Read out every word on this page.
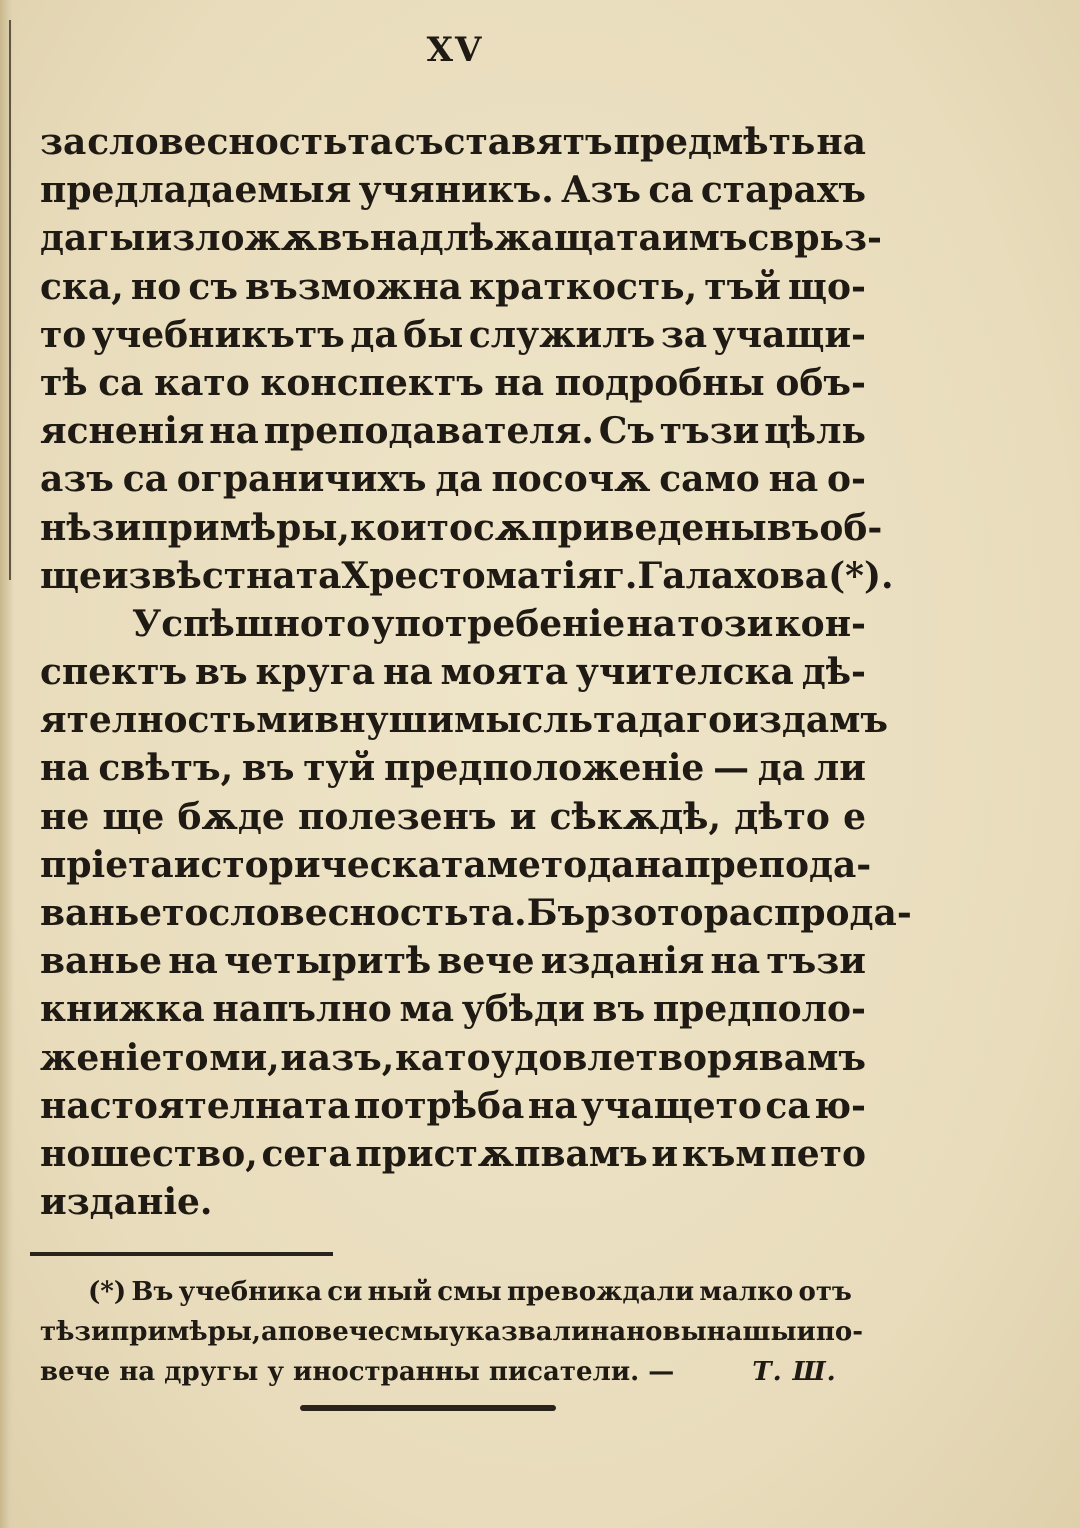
XV
за словесностьта съставятъ предмѣть на
предладаемыя учяникъ. Азъ са старахъ
да гы изложѫ въ надлѣжащата имъ сврьз-
ска, но съ възможна краткость, тъй що-
то учебникътъ да бы служилъ за учащи-
тѣ са като конспектъ на подробны объ-
ясненія на преподавателя. Съ тъзи цѣль
азъ са ограничихъ да посочѫ само на о-
нѣзи примѣры, които сѫ приведены въ об-
щеизвѣстната Хрестоматія г. Галахова (*).
Успѣшното употребеніе на този кон-
спектъ въ круга на моята учителска дѣ-
ятелность ми внуши мысльта да го издамъ
на свѣтъ, въ туй предположеніе — да ли
не ще бѫде полезенъ и сѣкѫдѣ, дѣто е
пріета историческата метода на препода-
ваньето словесностьта. Бързото распрода-
ванье на четыритѣ вече изданія на тъзи
книжка напълно ма убѣди въ предполо-
женіето ми, и азъ, като удовлетворявамъ
настоятелната потрѣба на учащето са ю-
ношество, сега пристѫпвамъ и към пето
изданіе.
(*) Въ учебника си ный смы превождали малко отъ
тѣзи примѣры, а повече смы указвали на новы нашы и по-
вече на другы у иностранны писатели. —	Т. Ш.
